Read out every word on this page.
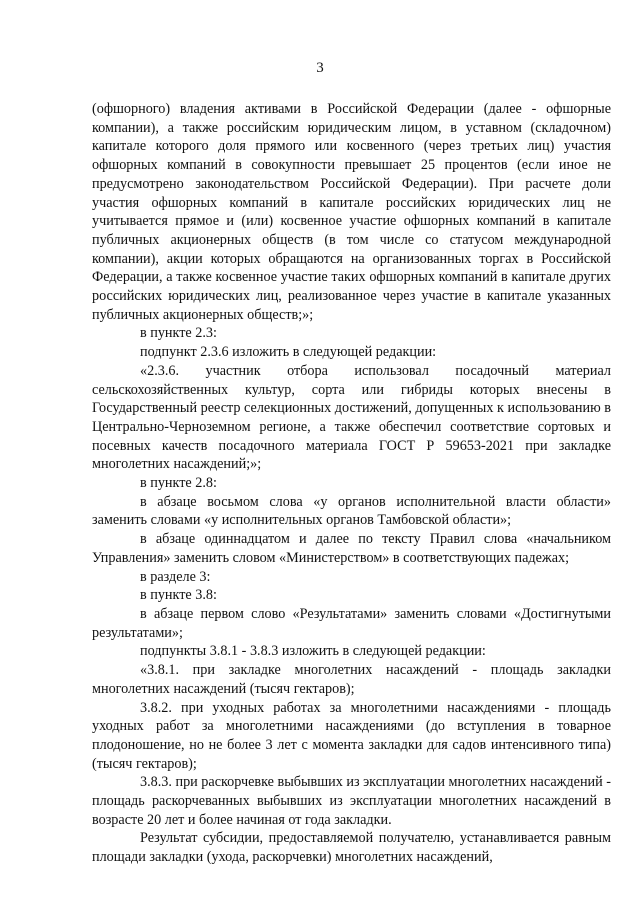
3

(офшорного) владения активами в Российской Федерации (далее - офшорные компании), а также российским юридическим лицом, в уставном (складочном) капитале которого доля прямого или косвенного (через третьих лиц) участия офшорных компаний в совокупности превышает 25 процентов (если иное не предусмотрено законодательством Российской Федерации). При расчете доли участия офшорных компаний в капитале российских юридических лиц не учитывается прямое и (или) косвенное участие офшорных компаний в капитале публичных акционерных обществ (в том числе со статусом международной компании), акции которых обращаются на организованных торгах в Российской Федерации, а также косвенное участие таких офшорных компаний в капитале других российских юридических лиц, реализованное через участие в капитале указанных публичных акционерных обществ;»;

в пункте 2.3:

подпункт 2.3.6 изложить в следующей редакции:

«2.3.6. участник отбора использовал посадочный материал сельскохозяйственных культур, сорта или гибриды которых внесены в Государственный реестр селекционных достижений, допущенных к использованию в Центрально-Черноземном регионе, а также обеспечил соответствие сортовых и посевных качеств посадочного материала ГОСТ Р 59653-2021 при закладке многолетних насаждений;»;

в пункте 2.8:

в абзаце восьмом слова «у органов исполнительной власти области» заменить словами «у исполнительных органов Тамбовской области»;

в абзаце одиннадцатом и далее по тексту Правил слова «начальником Управления» заменить словом «Министерством» в соответствующих падежах;

в разделе 3:

в пункте 3.8:

в абзаце первом слово «Результатами» заменить словами «Достигнутыми результатами»;

подпункты 3.8.1 - 3.8.3 изложить в следующей редакции:

«3.8.1. при закладке многолетних насаждений - площадь закладки многолетних насаждений (тысяч гектаров);

3.8.2. при уходных работах за многолетними насаждениями - площадь уходных работ за многолетними насаждениями (до вступления в товарное плодоношение, но не более 3 лет с момента закладки для садов интенсивного типа) (тысяч гектаров);

3.8.3. при раскорчевке выбывших из эксплуатации многолетних насаждений - площадь раскорчеванных выбывших из эксплуатации многолетних насаждений в возрасте 20 лет и более начиная от года закладки.

Результат субсидии, предоставляемой получателю, устанавливается равным площади закладки (ухода, раскорчевки) многолетних насаждений,
